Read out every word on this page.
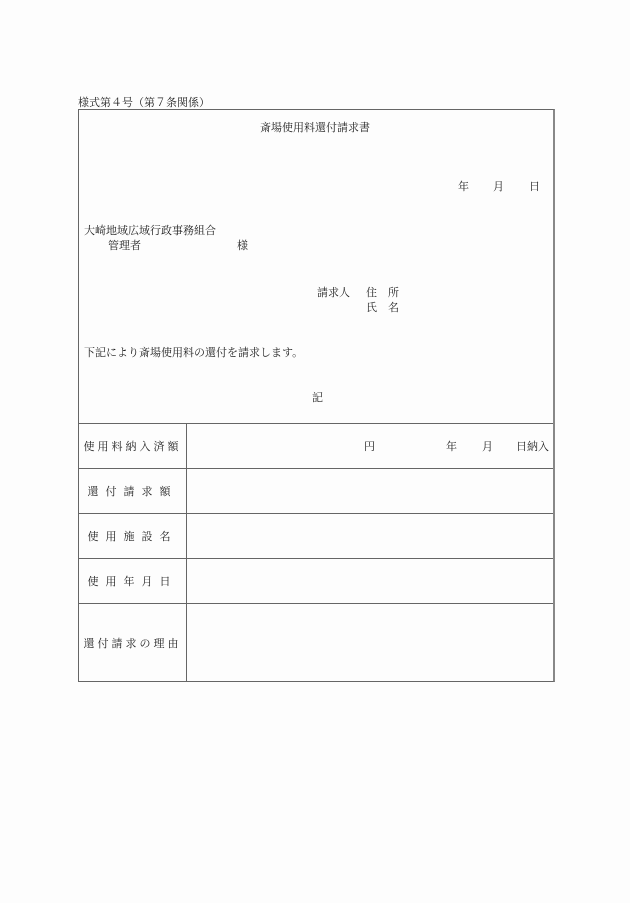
様式第４号（第７条関係）
斎場使用料還付請求書
年 月 日
大崎地域広域行政事務組合
管理者	様
請求人 住　所
氏　名
下記により斎場使用料の還付を請求します。
記
使用料納入済額	円	年 月 日納入
還付請求額
使用施設名
使用年月日
還付請求の理由
